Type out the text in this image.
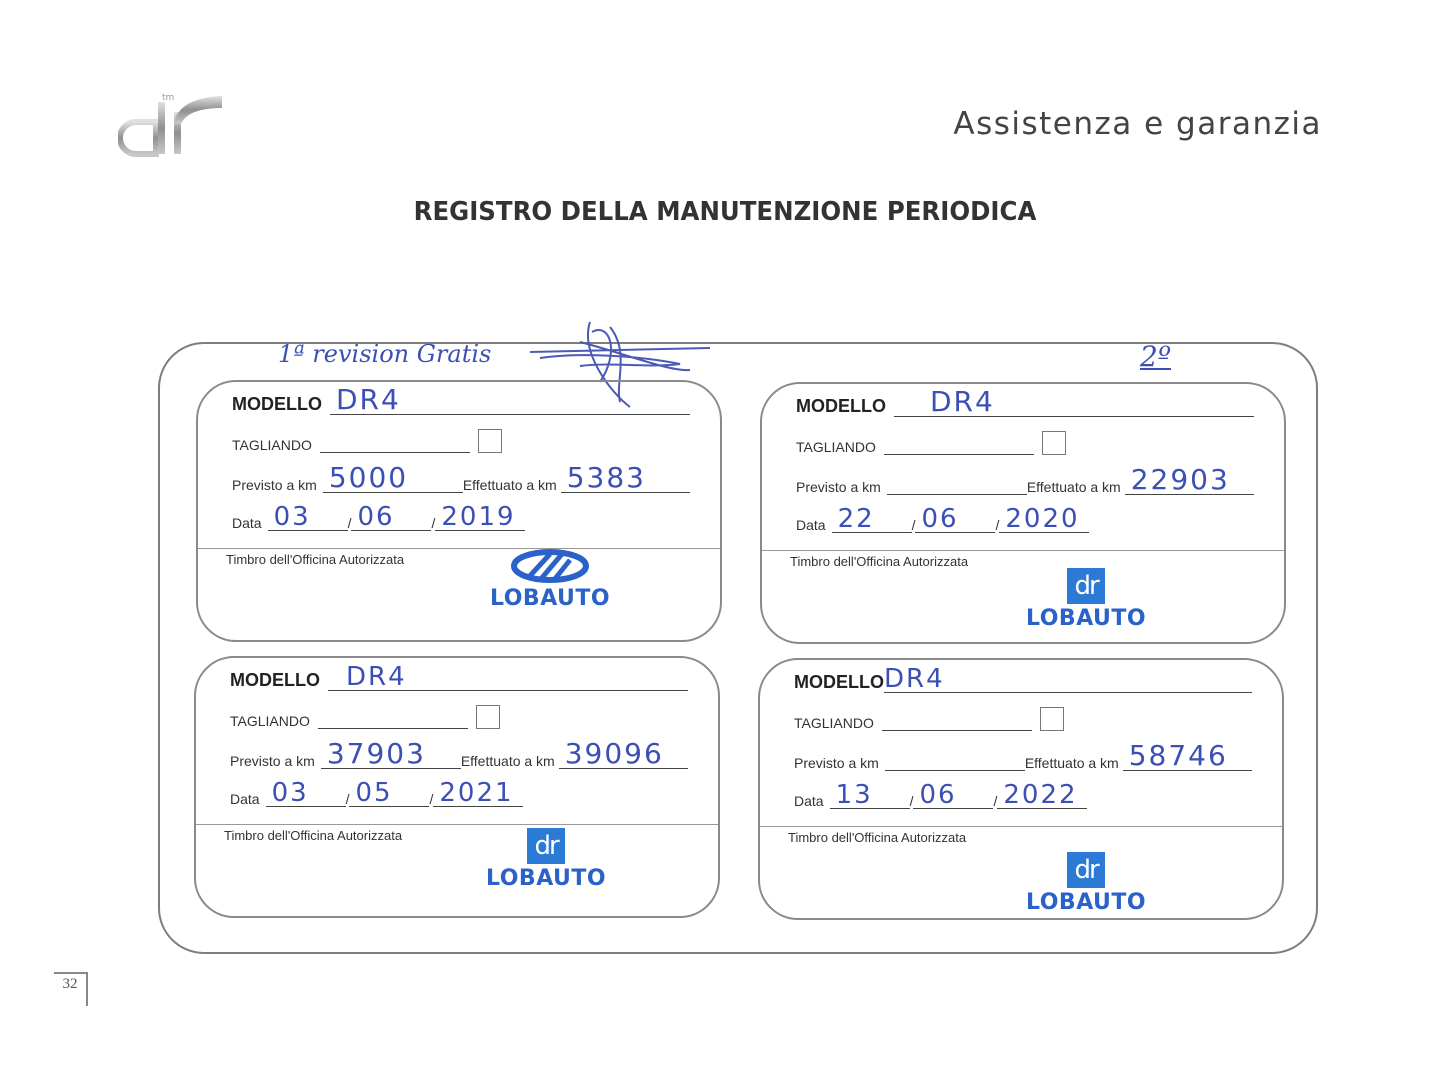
tm
Assistenza e garanzia
REGISTRO DELLA MANUTENZIONE PERIODICA
1ª revision Gratis	2º
MODELLO DR4
TAGLIANDO
Previsto a km 5000	Effettuato a km 5383
Data 03	/ 06	/ 2019
Timbro dell'Officina Autorizzata
LOBAUTO
MODELLO DR4
TAGLIANDO
Previsto a km	Effettuato a km 22903
Data 22	/ 06	/ 2020
Timbro dell'Officina Autorizzata
dr
LOBAUTO
MODELLO DR4
TAGLIANDO
Previsto a km 37903 Effettuato a km 39096
Data 03	/ 05	/ 2021
Timbro dell'Officina Autorizzata	dr
LOBAUTO
MODELLO DR4
TAGLIANDO
Previsto a km	Effettuato a km 58746
Data 13	/ 06	/ 2022
Timbro dell'Officina Autorizzata
dr
LOBAUTO
32
